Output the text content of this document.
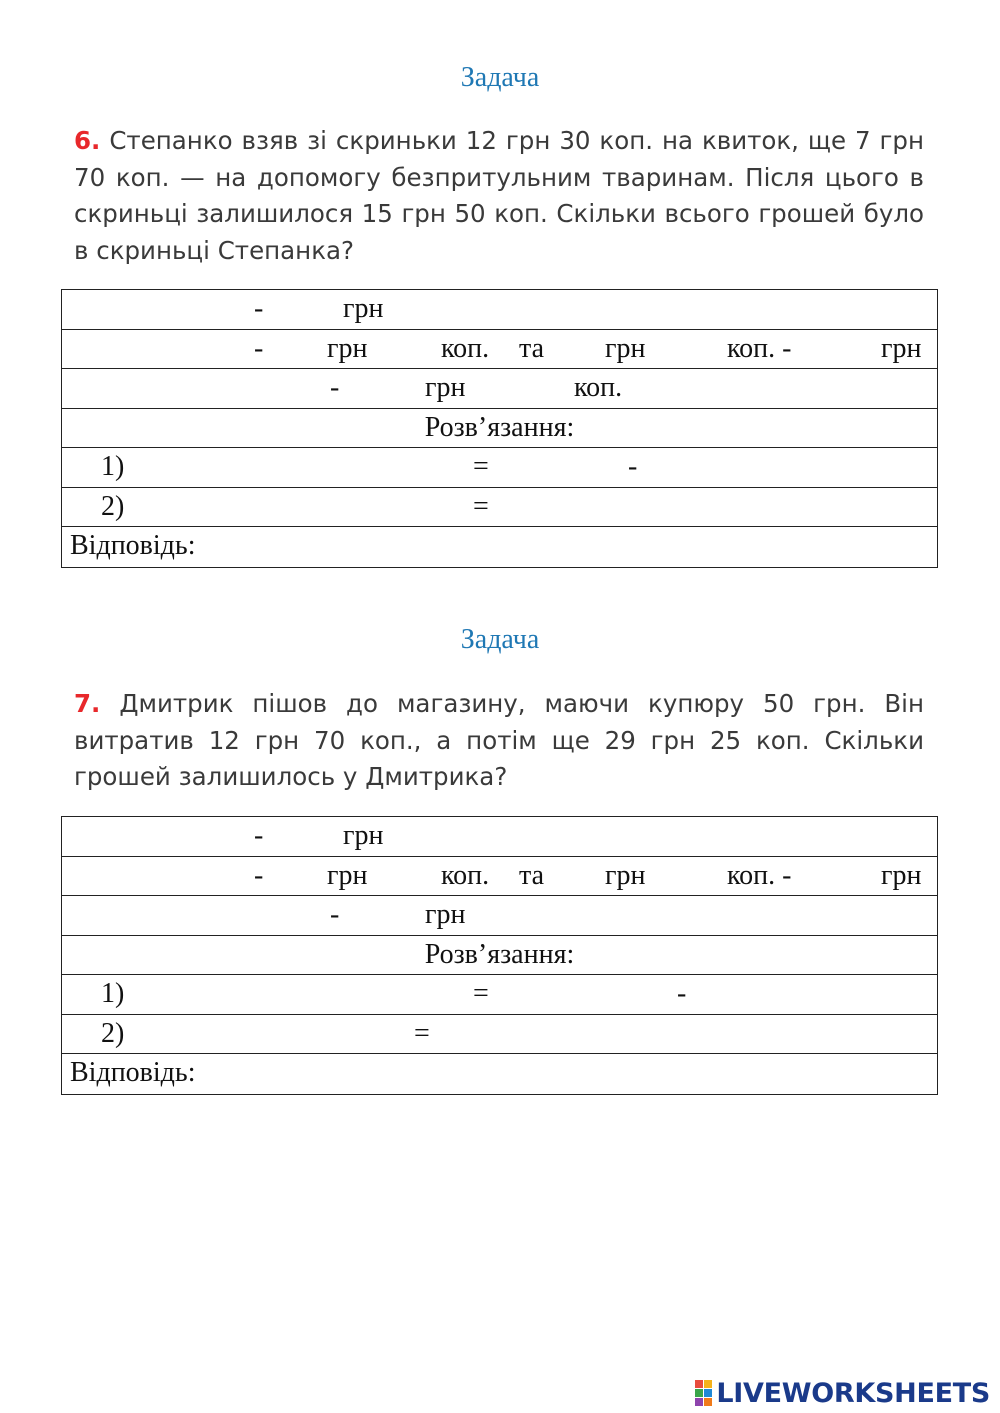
Задача
6. Степанко взяв зі скриньки 12 грн 30 коп. на квиток, ще 7 грн 70 коп. — на допомогу безпритульним тваринам. Після цього в скриньці залишилося 15 грн 50 коп. Скільки всього грошей було в скриньці Степанка?
-	грн
- грн	коп. та грн	коп. -	грн
-	грн	коп.
Розв’язання:
1)	=	-
2)	=
Відповідь:
Задача
7. Дмитрик пішов до магазину, маючи купюру 50 грн. Він витратив 12 грн 70 коп., а потім ще 29 грн 25 коп. Скільки грошей залишилось у Дмитрика?
-	грн
- грн	коп. та грн	коп. -	грн
-	грн
Розв’язання:
1)	=	-
2)	=
Відповідь:
LIVEWORKSHEETS
